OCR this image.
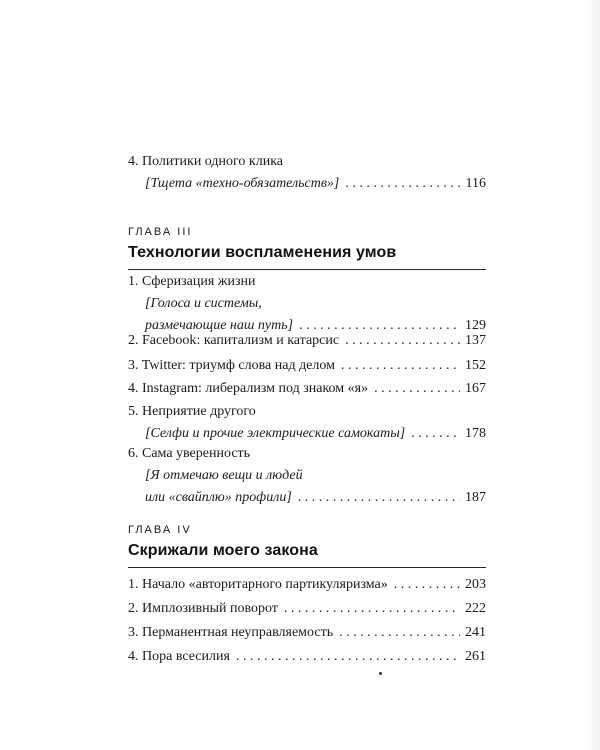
4. Политики одного клика
[Тщета «техно-обязательств»] . . .	116
ГЛАВА III
Технологии воспламенения умов
1. Сферизация жизни
[Голоса и системы,
размечающие наш путь] . . .	129
2. Facebook: капитализм и катарсис . . .	137
3. Twitter: триумф слова над делом . . .	152
4. Instagram: либерализм под знаком «я» . . .	167
5. Неприятие другого
[Селфи и прочие электрические самокаты] . . .	178
6. Сама уверенность
[Я отмечаю вещи и людей
или «свайплю» профили] . . .	187
ГЛАВА IV
Скрижали моего закона
1. Начало «авторитарного партикуляризма» . . .	203
2. Имплозивный поворот . . .	222
3. Перманентная неуправляемость . . .	241
4. Пора всесилия . . .	261
